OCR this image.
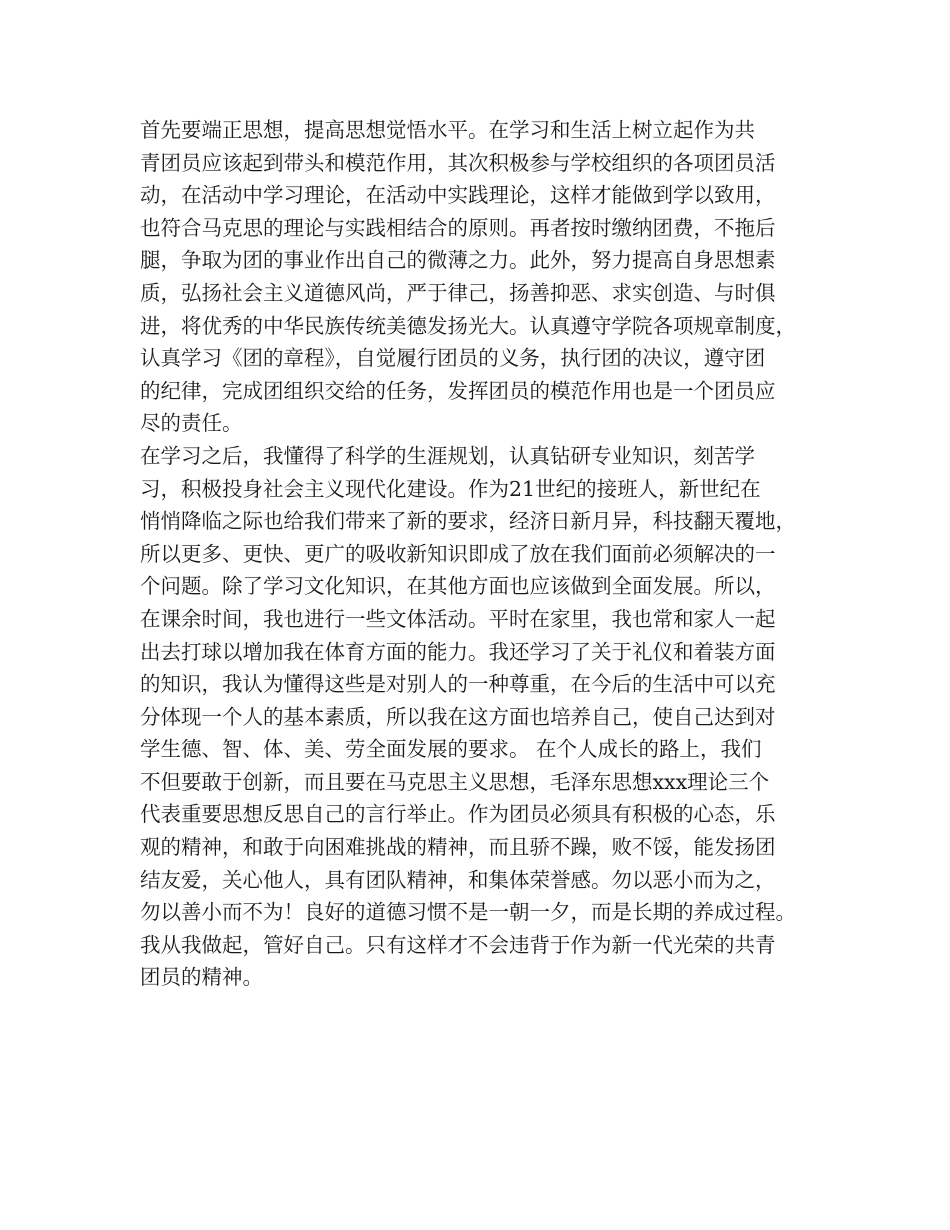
首先要端正思想，提高思想觉悟水平。在学习和生活上树立起作为共
青团员应该起到带头和模范作用，其次积极参与学校组织的各项团员活
动，在活动中学习理论，在活动中实践理论，这样才能做到学以致用，
也符合马克思的理论与实践相结合的原则。再者按时缴纳团费，不拖后
腿，争取为团的事业作出自己的微薄之力。此外，努力提高自身思想素
质，弘扬社会主义道德风尚，严于律己，扬善抑恶、求实创造、与时俱
进，将优秀的中华民族传统美德发扬光大。认真遵守学院各项规章制度，
认真学习《团的章程》，自觉履行团员的义务，执行团的决议，遵守团
的纪律，完成团组织交给的任务，发挥团员的模范作用也是一个团员应
尽的责任。
在学习之后，我懂得了科学的生涯规划，认真钻研专业知识，刻苦学
习，积极投身社会主义现代化建设。作为21世纪的接班人，新世纪在
悄悄降临之际也给我们带来了新的要求，经济日新月异，科技翻天覆地，
所以更多、更快、更广的吸收新知识即成了放在我们面前必须解决的一
个问题。除了学习文化知识，在其他方面也应该做到全面发展。所以，
在课余时间，我也进行一些文体活动。平时在家里，我也常和家人一起
出去打球以增加我在体育方面的能力。我还学习了关于礼仪和着装方面
的知识，我认为懂得这些是对别人的一种尊重，在今后的生活中可以充
分体现一个人的基本素质，所以我在这方面也培养自己，使自己达到对
学生德、智、体、美、劳全面发展的要求。 在个人成长的路上，我们
不但要敢于创新，而且要在马克思主义思想，毛泽东思想xxx理论三个
代表重要思想反思自己的言行举止。作为团员必须具有积极的心态，乐
观的精神，和敢于向困难挑战的精神，而且骄不躁，败不馁，能发扬团
结友爱，关心他人，具有团队精神，和集体荣誉感。勿以恶小而为之，
勿以善小而不为！良好的道德习惯不是一朝一夕，而是长期的养成过程。
我从我做起，管好自己。只有这样才不会违背于作为新一代光荣的共青
团员的精神。
